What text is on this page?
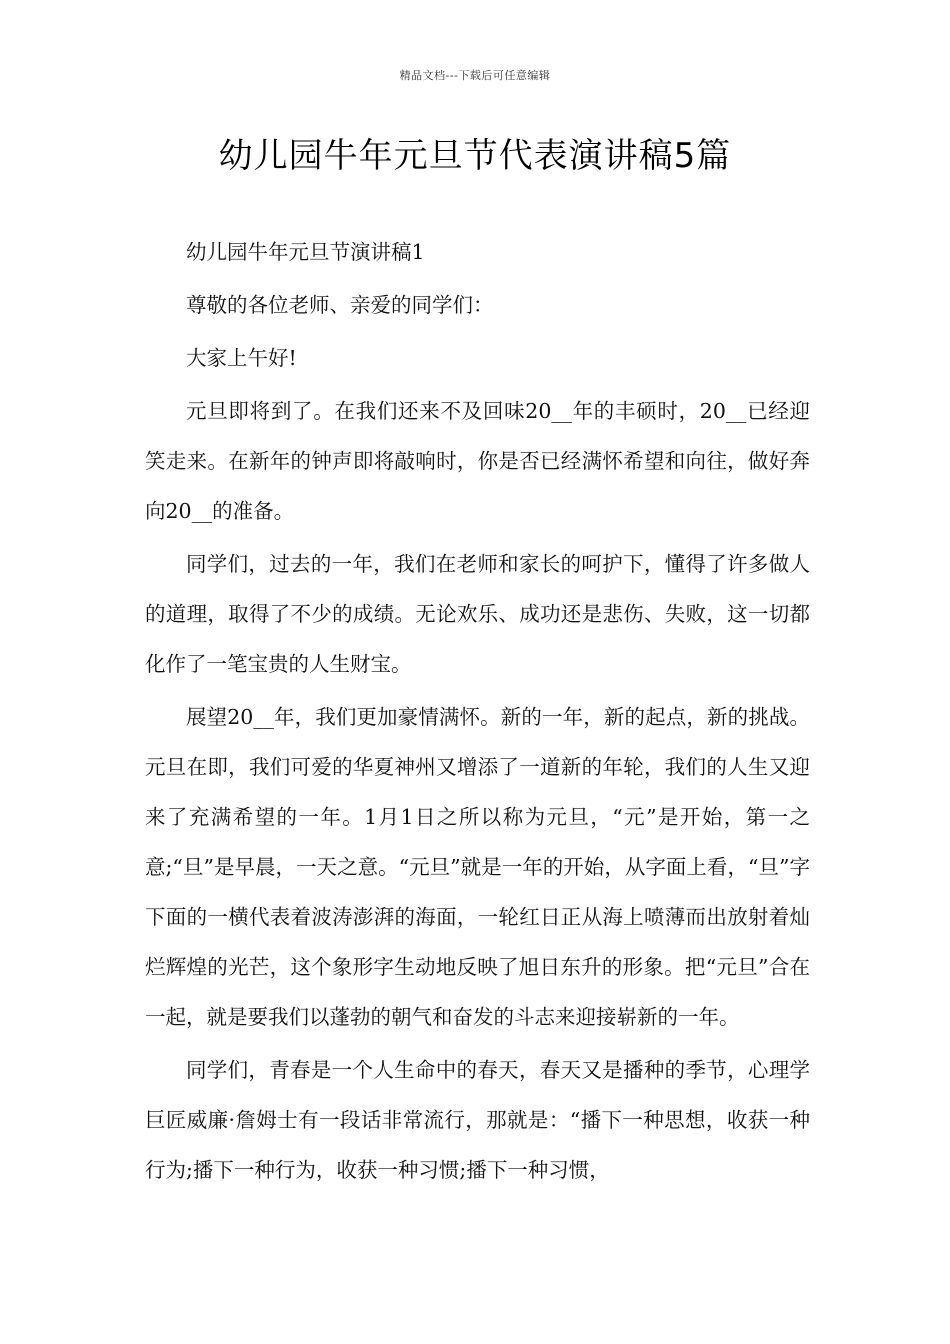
精品文档---下载后可任意编辑
幼儿园牛年元旦节代表演讲稿5篇

幼儿园牛年元旦节演讲稿1

尊敬的各位老师、亲爱的同学们：

大家上午好!

元旦即将到了。在我们还来不及回味20__年的丰硕时，20__已经迎笑走来。在新年的钟声即将敲响时，你是否已经满怀希望和向往，做好奔向20__的准备。

同学们，过去的一年，我们在老师和家长的呵护下，懂得了许多做人的道理，取得了不少的成绩。无论欢乐、成功还是悲伤、失败，这一切都化作了一笔宝贵的人生财宝。

展望20__年，我们更加豪情满怀。新的一年，新的起点，新的挑战。元旦在即，我们可爱的华夏神州又增添了一道新的年轮，我们的人生又迎来了充满希望的一年。1月1日之所以称为元旦，“元”是开始，第一之意;“旦”是早晨，一天之意。“元旦”就是一年的开始，从字面上看，“旦”字下面的一横代表着波涛澎湃的海面，一轮红日正从海上喷薄而出放射着灿烂辉煌的光芒，这个象形字生动地反映了旭日东升的形象。把“元旦”合在一起，就是要我们以蓬勃的朝气和奋发的斗志来迎接崭新的一年。

同学们，青春是一个人生命中的春天，春天又是播种的季节，心理学巨匠威廉·詹姆士有一段话非常流行，那就是：“播下一种思想，收获一种行为;播下一种行为，收获一种习惯;播下一种习惯，
